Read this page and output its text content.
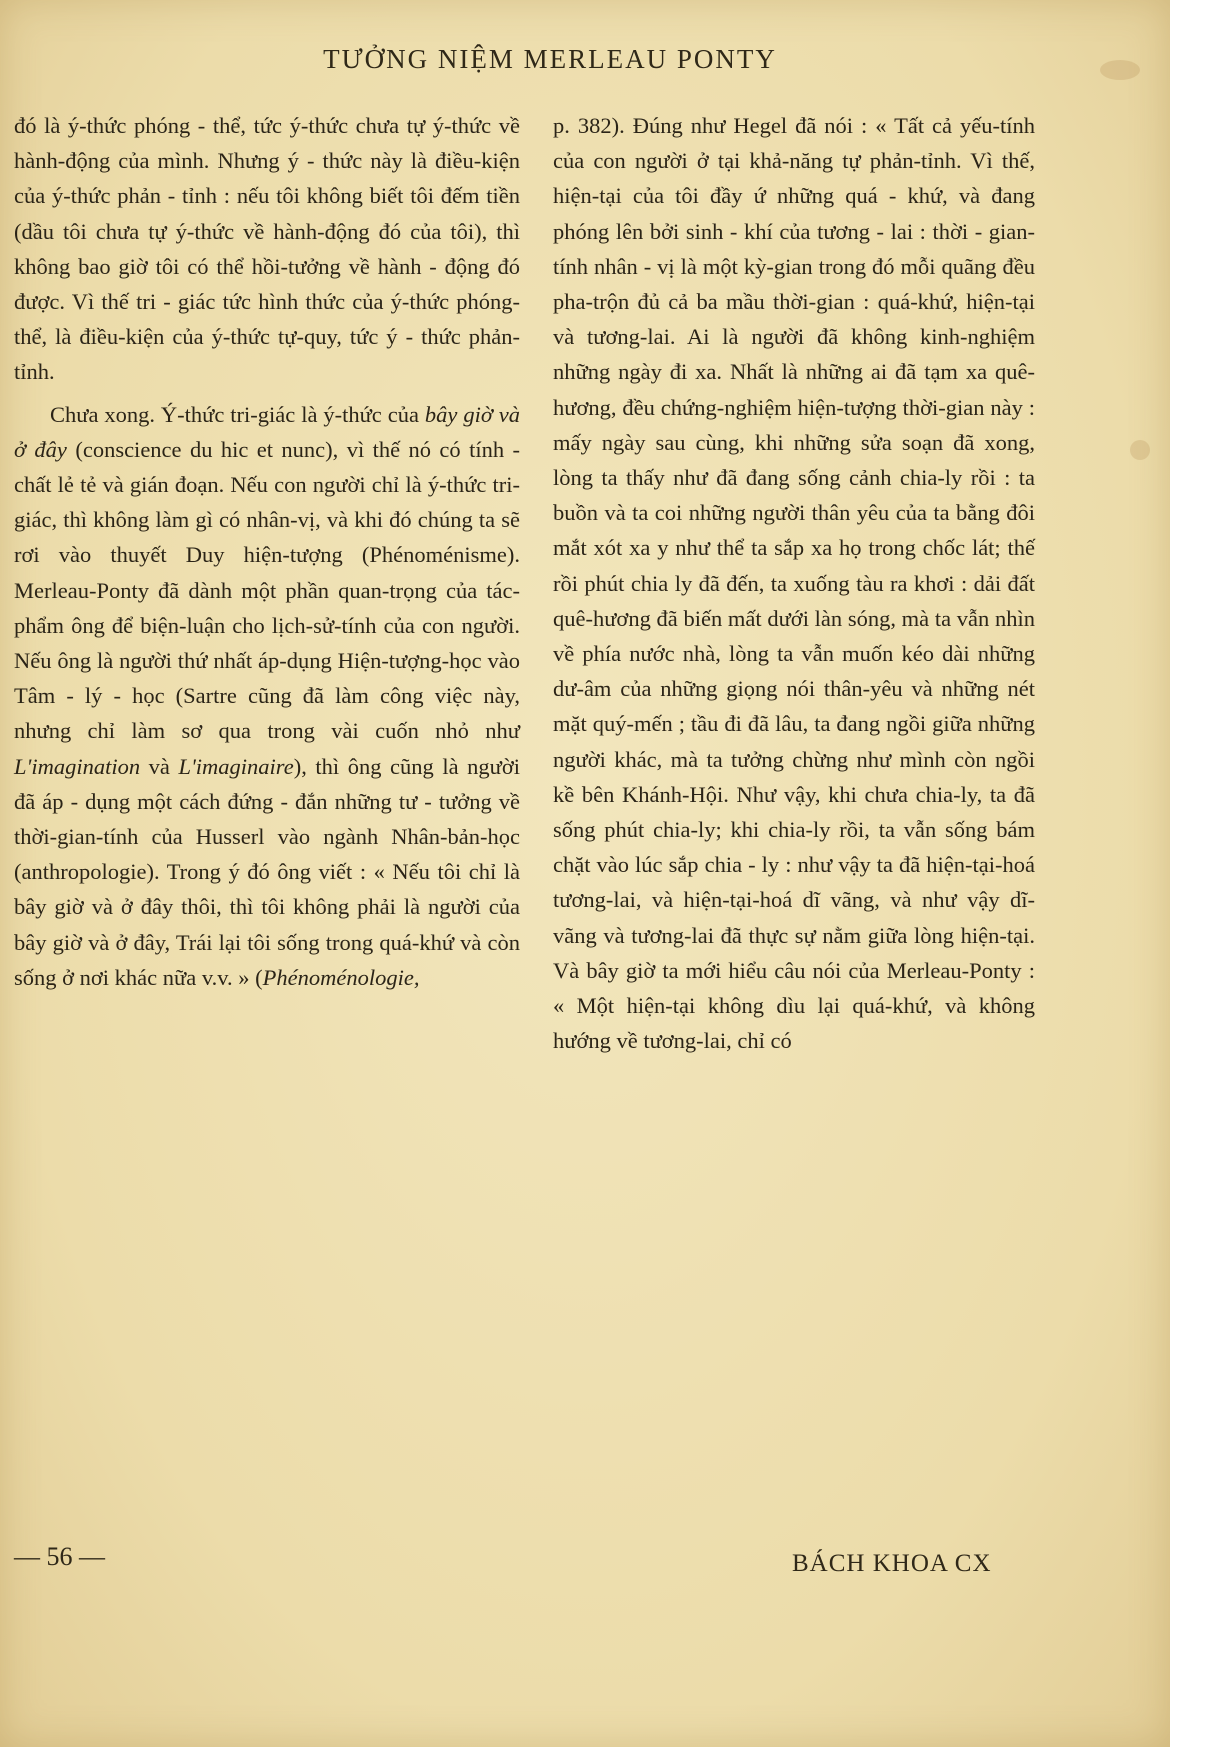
TƯỞNG NIỆM MERLEAU PONTY

đó là ý-thức phóng - thể, tức ý-thức chưa tự ý-thức về hành-động của mình. Nhưng ý - thức này là điều-kiện của ý-thức phản - tỉnh : nếu tôi không biết tôi đếm tiền (dầu tôi chưa tự ý-thức về hành-động đó của tôi), thì không bao giờ tôi có thể hồi-tưởng về hành - động đó được. Vì thế tri - giác tức hình thức của ý-thức phóng-thể, là điều-kiện của ý-thức tự-quy, tức ý - thức phản-tỉnh.

Chưa xong. Ý-thức tri-giác là ý-thức của bây giờ và ở đây (conscience du hic et nunc), vì thế nó có tính - chất lẻ tẻ và gián đoạn. Nếu con người chỉ là ý-thức tri-giác, thì không làm gì có nhân-vị, và khi đó chúng ta sẽ rơi vào thuyết Duy hiện-tượng (Phénoménisme). Merleau-Ponty đã dành một phần quan-trọng của tác-phẩm ông để biện-luận cho lịch-sử-tính của con người. Nếu ông là người thứ nhất áp-dụng Hiện-tượng-học vào Tâm - lý - học (Sartre cũng đã làm công việc này, nhưng chỉ làm sơ qua trong vài cuốn nhỏ như L'imagination và L'imaginaire), thì ông cũng là người đã áp - dụng một cách đứng - đắn những tư - tưởng về thời-gian-tính của Husserl vào ngành Nhân-bản-học (anthropologie). Trong ý đó ông viết : « Nếu tôi chỉ là bây giờ và ở đây thôi, thì tôi không phải là người của bây giờ và ở đây, Trái lại tôi sống trong quá-khứ và còn sống ở nơi khác nữa v.v. » (Phénoménologie,

p. 382). Đúng như Hegel đã nói : « Tất cả yếu-tính của con người ở tại khả-năng tự phản-tỉnh. Vì thế, hiện-tại của tôi đầy ứ những quá - khứ, và đang phóng lên bởi sinh - khí của tương - lai : thời - gian-tính nhân - vị là một kỳ-gian trong đó mỗi quãng đều pha-trộn đủ cả ba mầu thời-gian : quá-khứ, hiện-tại và tương-lai. Ai là người đã không kinh-nghiệm những ngày đi xa. Nhất là những ai đã tạm xa quê-hương, đều chứng-nghiệm hiện-tượng thời-gian này : mấy ngày sau cùng, khi những sửa soạn đã xong, lòng ta thấy như đã đang sống cảnh chia-ly rồi : ta buồn và ta coi những người thân yêu của ta bằng đôi mắt xót xa y như thể ta sắp xa họ trong chốc lát; thế rồi phút chia ly đã đến, ta xuống tàu ra khơi : dải đất quê-hương đã biến mất dưới làn sóng, mà ta vẫn nhìn về phía nước nhà, lòng ta vẫn muốn kéo dài những dư-âm của những giọng nói thân-yêu và những nét mặt quý-mến ; tầu đi đã lâu, ta đang ngồi giữa những người khác, mà ta tưởng chừng như mình còn ngồi kề bên Khánh-Hội. Như vậy, khi chưa chia-ly, ta đã sống phút chia-ly; khi chia-ly rồi, ta vẫn sống bám chặt vào lúc sắp chia - ly : như vậy ta đã hiện-tại-hoá tương-lai, và hiện-tại-hoá dĩ vãng, và như vậy dĩ-vãng và tương-lai đã thực sự nằm giữa lòng hiện-tại. Và bây giờ ta mới hiểu câu nói của Merleau-Ponty : « Một hiện-tại không dìu lại quá-khứ, và không hướng về tương-lai, chỉ có

— 56 —	BÁCH KHOA CX
